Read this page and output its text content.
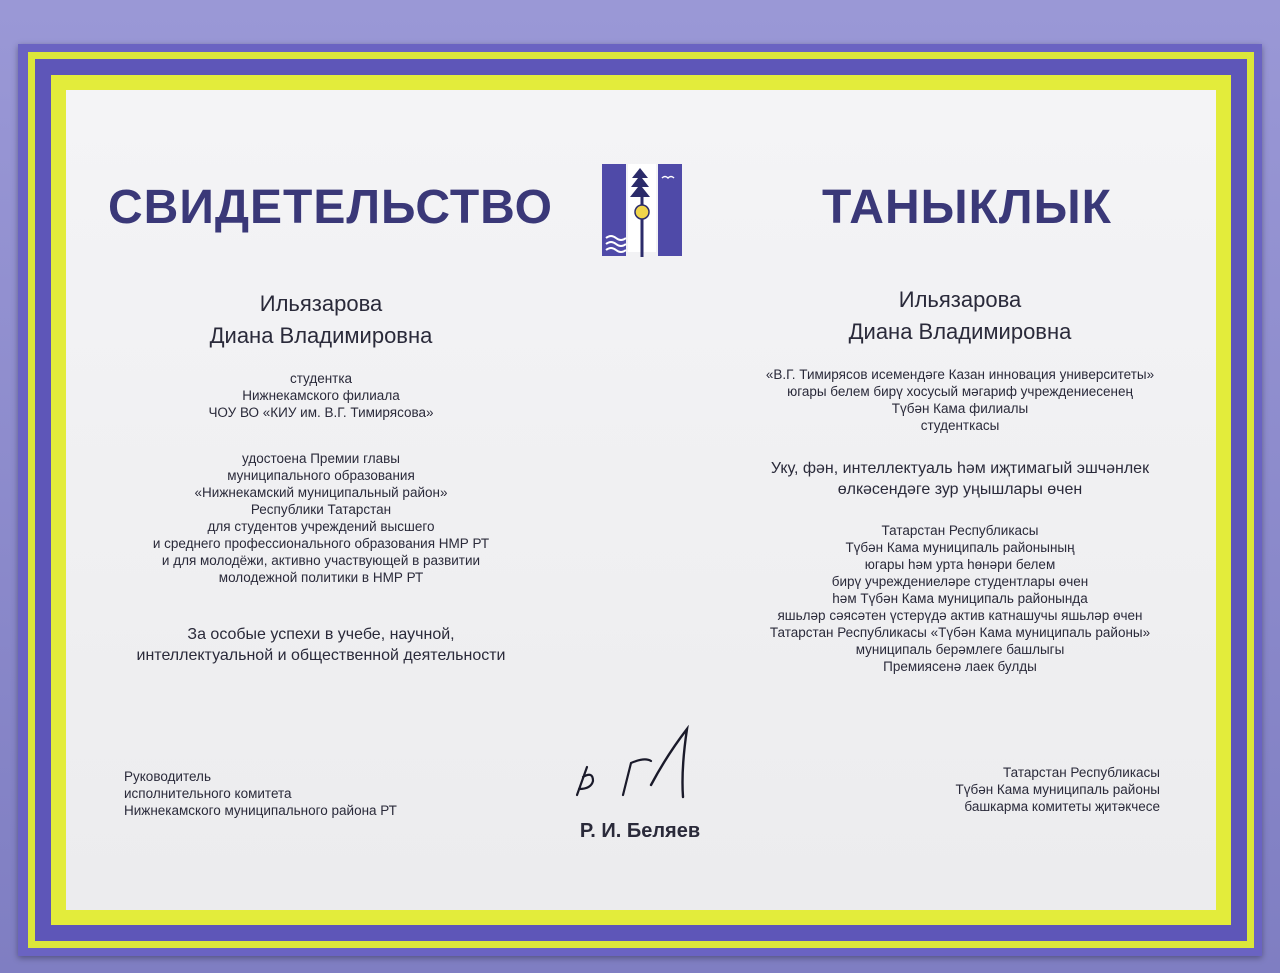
СВИДЕТЕЛЬСТВО	ТАНЫКЛЫК
Ильязарова
Диана Владимировна
студентка
Нижнекамского филиала
ЧОУ ВО «КИУ им. В.Г. Тимирясова»
удостоена Премии главы
муниципального образования
«Нижнекамский муниципальный район»
Республики Татарстан
для студентов учреждений высшего
и среднего профессионального образования НМР РТ
и для молодёжи, активно участвующей в развитии
молодежной политики в НМР РТ
За особые успехи в учебе, научной,
интеллектуальной и общественной деятельности
Ильязарова
Диана Владимировна
«В.Г. Тимирясов исемендәге Казан инновация университеты»
югары белем бирү хосусый мәгариф учреждениесенең
Түбән Кама филиалы
студенткасы
Уку, фән, интеллектуаль һәм иҗтимагый эшчәнлек
өлкәсендәге зур уңышлары өчен
Татарстан Республикасы
Түбән Кама муниципаль районының
югары һәм урта һөнәри белем
бирү учреждениеләре студентлары өчен
һәм Түбән Кама муниципаль районында
яшьләр сәясәтен үстерүдә актив катнашучы яшьләр өчен
Татарстан Республикасы «Түбән Кама муниципаль районы»
муниципаль берәмлеге башлыгы
Премиясенә лаек булды
Руководитель
исполнительного комитета
Нижнекамского муниципального района РТ
Татарстан Республикасы
Түбән Кама муниципаль районы
башкарма комитеты җитәкчесе
Р. И. Беляев
